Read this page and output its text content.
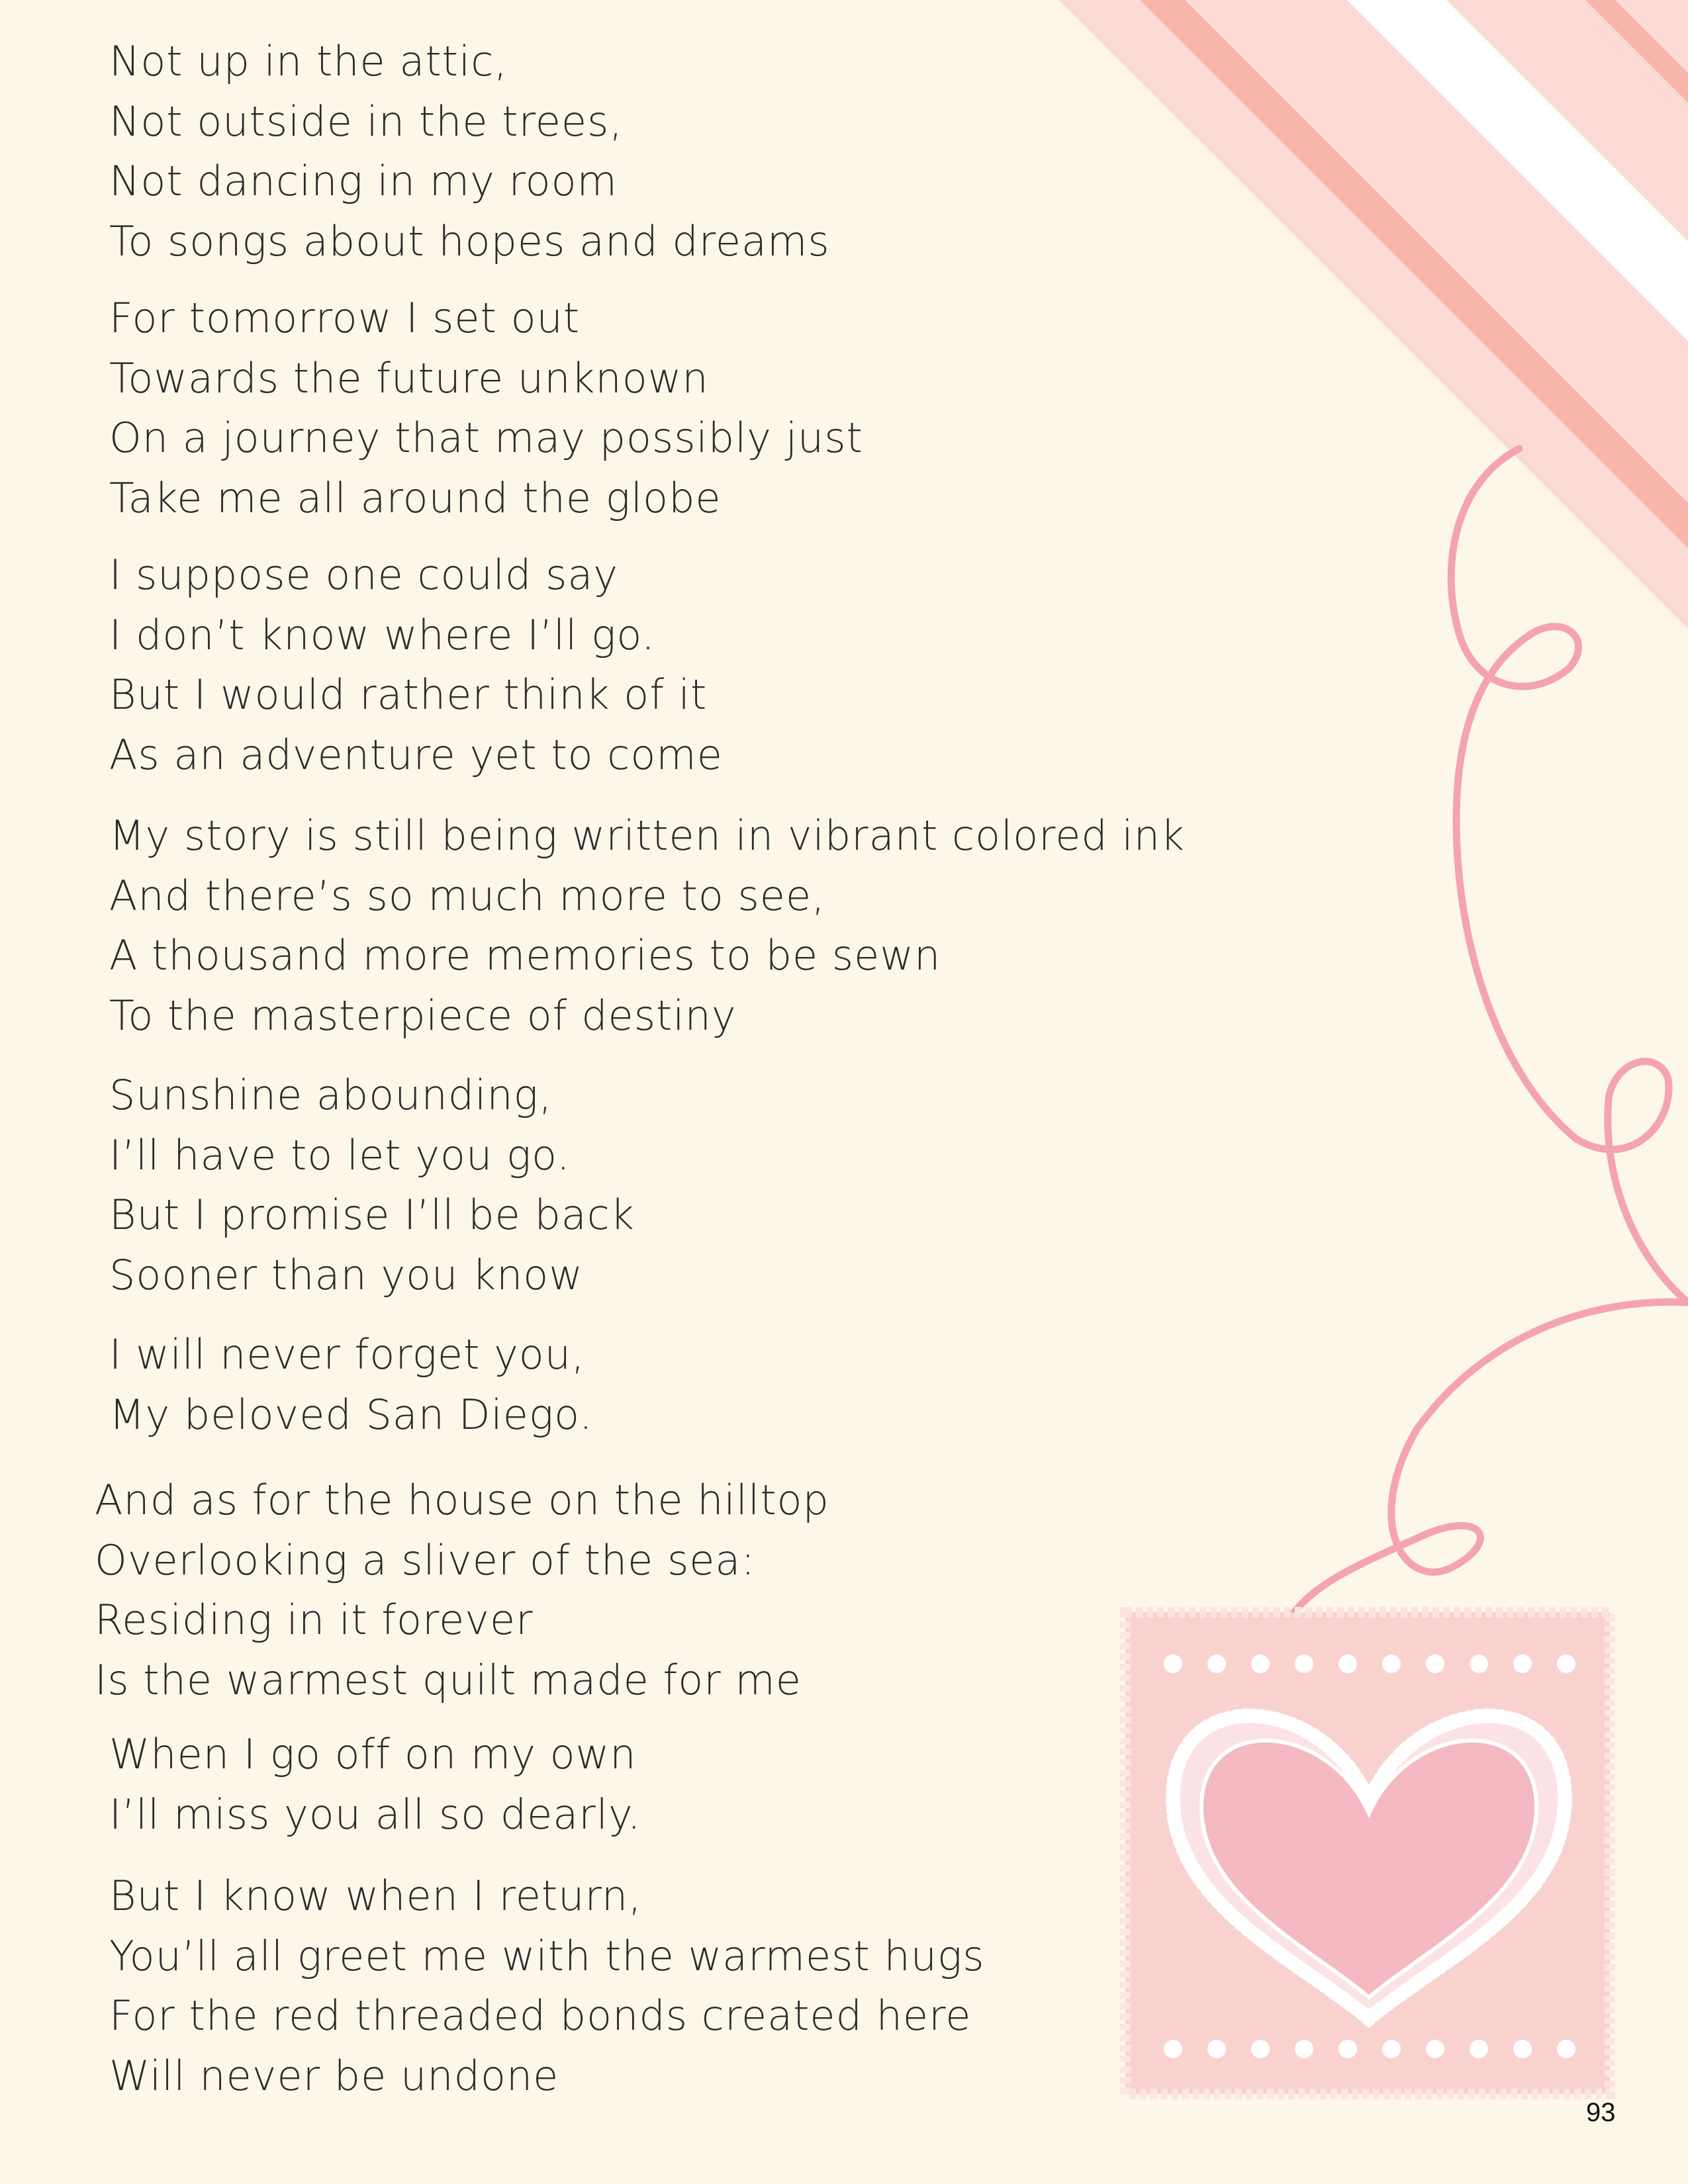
Not up in the attic,
Not outside in the trees,
Not dancing in my room
To songs about hopes and dreams
For tomorrow I set out
Towards the future unknown
On a journey that may possibly just
Take me all around the globe
I suppose one could say
I don’t know where I’ll go.
But I would rather think of it
As an adventure yet to come
My story is still being written in vibrant colored ink
And there’s so much more to see,
A thousand more memories to be sewn
To the masterpiece of destiny
Sunshine abounding,
I’ll have to let you go.
But I promise I’ll be back
Sooner than you know
I will never forget you,
My beloved San Diego.
And as for the house on the hilltop
Overlooking a sliver of the sea:
Residing in it forever
Is the warmest quilt made for me
When I go off on my own
I’ll miss you all so dearly.
But I know when I return,
You’ll all greet me with the warmest hugs
For the red threaded bonds created here
Will never be undone
93
